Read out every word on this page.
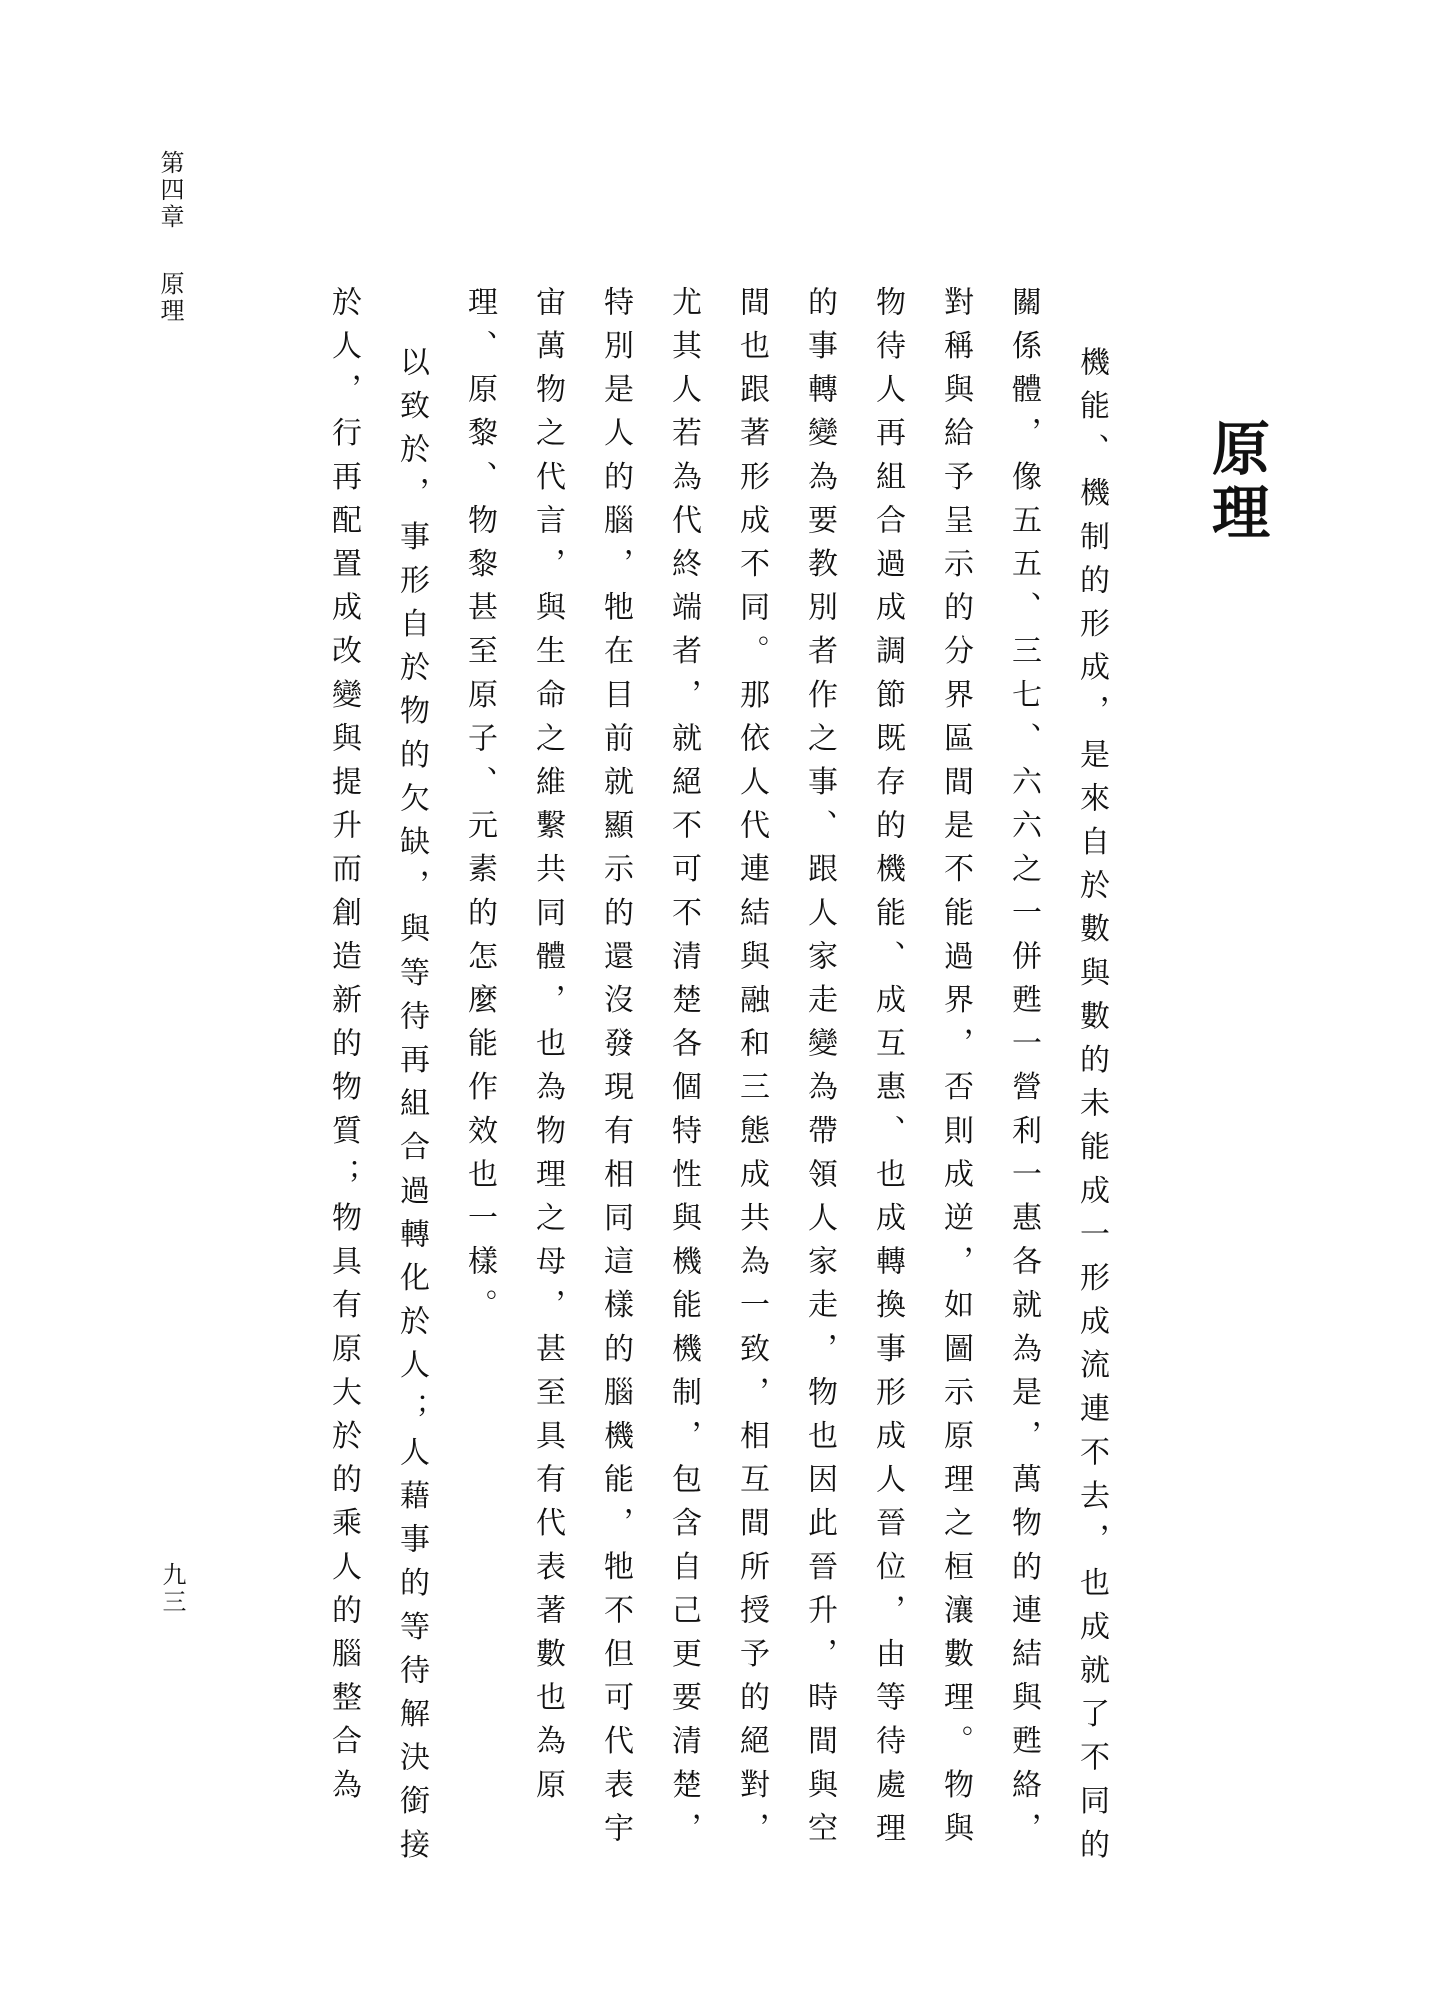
第四章原理
九三
原理

機能、機制的形成，是來自於數與數的未能成一形成流連不去，也成就了不同的關係體，像五五、三七、六六之一併甦一營利一惠各就為是，萬物的連結與甦絡，對稱與給予呈示的分界區間是不能過界，否則成逆，如圖示原理之桓瀼數理。物與物待人再組合過成調節既存的機能、成互惠、也成轉換事形成人晉位，由等待處理的事轉變為要教別者作之事、跟人家走變為帶領人家走，物也因此晉升，時間與空間也跟著形成不同。那依人代連結與融和三態成共為一致，相互間所授予的絕對，尤其人若為代終端者，就絕不可不清楚各個特性與機能機制，包含自己更要清楚，特別是人的腦，牠在目前就顯示的還沒發現有相同這樣的腦機能，牠不但可代表宇宙萬物之代言，與生命之維繫共同體，也為物理之母，甚至具有代表著數也為原理、原黎、物黎甚至原子、元素的怎麼能作效也一樣。

以致於，事形自於物的欠缺，與等待再組合過轉化於人；人藉事的等待解決銜接於人，行再配置成改變與提升而創造新的物質；物具有原大於的乘人的腦整合為
